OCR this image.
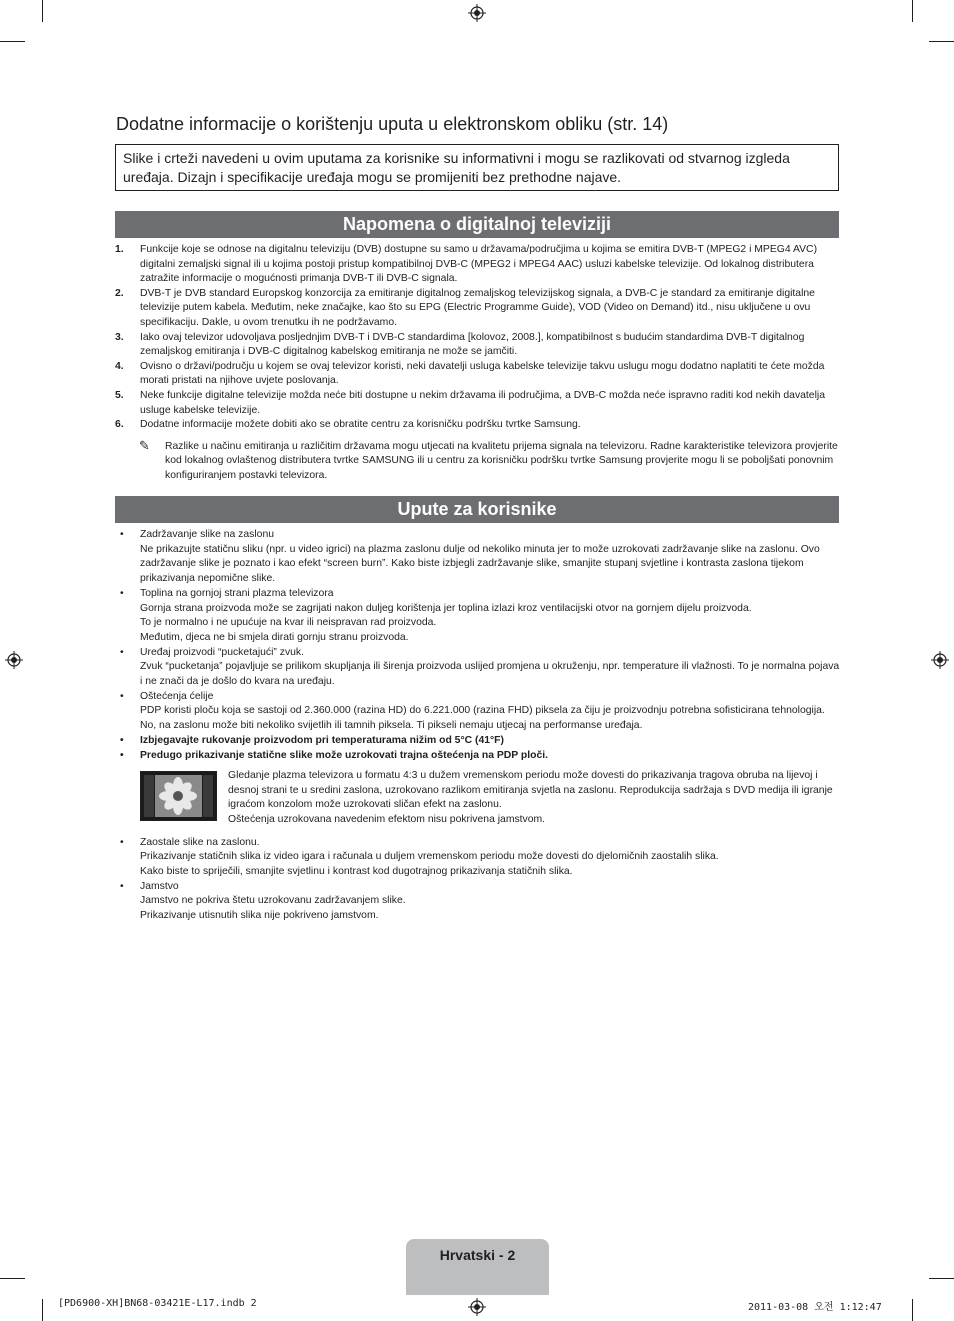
Dodatne informacije o korištenju uputa u elektronskom obliku (str. 14)
Slike i crteži navedeni u ovim uputama za korisnike su informativni i mogu se razlikovati od stvarnog izgleda uređaja. Dizajn i specifikacije uređaja mogu se promijeniti bez prethodne najave.
Napomena o digitalnoj televiziji
1. Funkcije koje se odnose na digitalnu televiziju (DVB) dostupne su samo u državama/područjima u kojima se emitira DVB-T (MPEG2 i MPEG4 AVC) digitalni zemaljski signal ili u kojima postoji pristup kompatibilnoj DVB-C (MPEG2 i MPEG4 AAC) usluzi kabelske televizije. Od lokalnog distributera zatražite informacije o mogućnosti primanja DVB-T ili DVB-C signala.
2. DVB-T je DVB standard Europskog konzorcija za emitiranje digitalnog zemaljskog televizijskog signala, a DVB-C je standard za emitiranje digitalne televizije putem kabela. Međutim, neke značajke, kao što su EPG (Electric Programme Guide), VOD (Video on Demand) itd., nisu uključene u ovu specifikaciju. Dakle, u ovom trenutku ih ne podržavamo.
3. Iako ovaj televizor udovoljava posljednjim DVB-T i DVB-C standardima [kolovoz, 2008.], kompatibilnost s budućim standardima DVB-T digitalnog zemaljskog emitiranja i DVB-C digitalnog kabelskog emitiranja ne može se jamčiti.
4. Ovisno o državi/području u kojem se ovaj televizor koristi, neki davatelji usluga kabelske televizije takvu uslugu mogu dodatno naplatiti te ćete možda morati pristati na njihove uvjete poslovanja.
5. Neke funkcije digitalne televizije možda neće biti dostupne u nekim državama ili područjima, a DVB-C možda neće ispravno raditi kod nekih davatelja usluge kabelske televizije.
6. Dodatne informacije možete dobiti ako se obratite centru za korisničku podršku tvrtke Samsung.
✎ Razlike u načinu emitiranja u različitim državama mogu utjecati na kvalitetu prijema signala na televizoru. Radne karakteristike televizora provjerite kod lokalnog ovlaštenog distributera tvrtke SAMSUNG ili u centru za korisničku podršku tvrtke Samsung provjerite mogu li se poboljšati ponovnim konfiguriranjem postavki televizora.
Upute za korisnike
• Zadržavanje slike na zaslonu
Ne prikazujte statičnu sliku (npr. u video igrici) na plazma zaslonu dulje od nekoliko minuta jer to može uzrokovati zadržavanje slike na zaslonu. Ovo zadržavanje slike je poznato i kao efekt “screen burn”. Kako biste izbjegli zadržavanje slike, smanjite stupanj svjetline i kontrasta zaslona tijekom prikazivanja nepomične slike.
• Toplina na gornjoj strani plazma televizora
Gornja strana proizvoda može se zagrijati nakon duljeg korištenja jer toplina izlazi kroz ventilacijski otvor na gornjem dijelu proizvoda.
To je normalno i ne upućuje na kvar ili neispravan rad proizvoda.
Međutim, djeca ne bi smjela dirati gornju stranu proizvoda.
• Uređaj proizvodi “pucketajući” zvuk.
Zvuk “pucketanja” pojavljuje se prilikom skupljanja ili širenja proizvoda uslijed promjena u okruženju, npr. temperature ili vlažnosti. To je normalna pojava i ne znači da je došlo do kvara na uređaju.
• Oštećenja ćelije
PDP koristi ploču koja se sastoji od 2.360.000 (razina HD) do 6.221.000 (razina FHD) piksela za čiju je proizvodnju potrebna sofisticirana tehnologija. No, na zaslonu može biti nekoliko svijetlih ili tamnih piksela. Ti pikseli nemaju utjecaj na performanse uređaja.
• Izbjegavajte rukovanje proizvodom pri temperaturama nižim od 5°C (41°F)
• Predugo prikazivanje statične slike može uzrokovati trajna oštećenja na PDP ploči.
Gledanje plazma televizora u formatu 4:3 u dužem vremenskom periodu može dovesti do prikazivanja tragova obruba na lijevoj i desnoj strani te u sredini zaslona, uzrokovano razlikom emitiranja svjetla na zaslonu. Reprodukcija sadržaja s DVD medija ili igranje igraćom konzolom može uzrokovati sličan efekt na zaslonu.
Oštećenja uzrokovana navedenim efektom nisu pokrivena jamstvom.
• Zaostale slike na zaslonu.
Prikazivanje statičnih slika iz video igara i računala u duljem vremenskom periodu može dovesti do djelomičnih zaostalih slika.
Kako biste to spriječili, smanjite svjetlinu i kontrast kod dugotrajnog prikazivanja statičnih slika.
• Jamstvo
Jamstvo ne pokriva štetu uzrokovanu zadržavanjem slike.
Prikazivanje utisnutih slika nije pokriveno jamstvom.
Hrvatski - 2
[PD6900-XH]BN68-03421E-L17.indb 2	2011-03-08 오전 1:12:47
